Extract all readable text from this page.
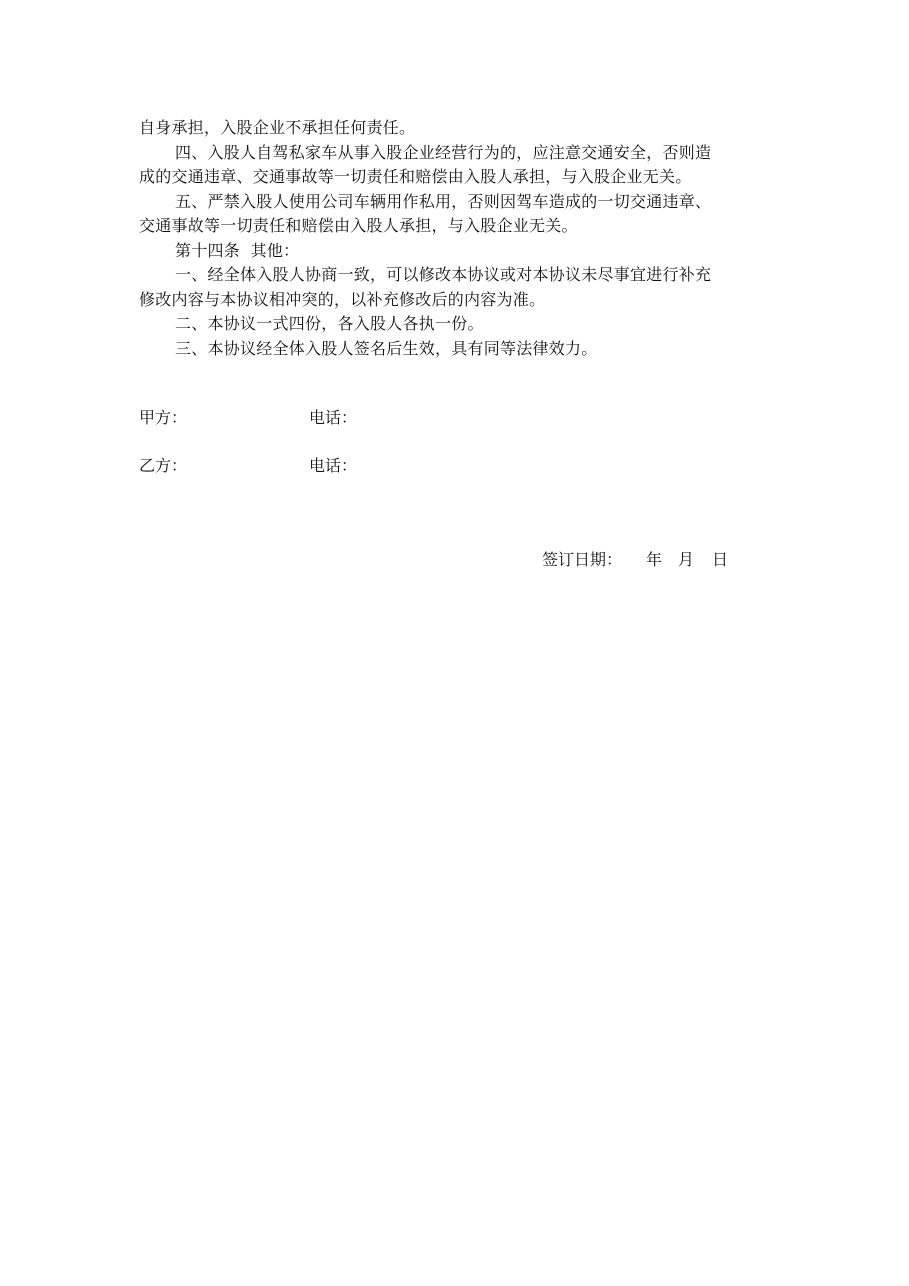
自身承担，入股企业不承担任何责任。
四、入股人自驾私家车从事入股企业经营行为的，应注意交通安全，否则造
成的交通违章、交通事故等一切责任和赔偿由入股人承担，与入股企业无关。
五、严禁入股人使用公司车辆用作私用，否则因驾车造成的一切交通违章、
交通事故等一切责任和赔偿由入股人承担，与入股企业无关。
第十四条  其他：
一、经全体入股人协商一致，可以修改本协议或对本协议未尽事宜进行补充
修改内容与本协议相冲突的，以补充修改后的内容为准。
二、本协议一式四份，各入股人各执一份。
三、本协议经全体入股人签名后生效，具有同等法律效力。
甲方：	电话：
乙方：	电话：
签订日期： 年 月 日
